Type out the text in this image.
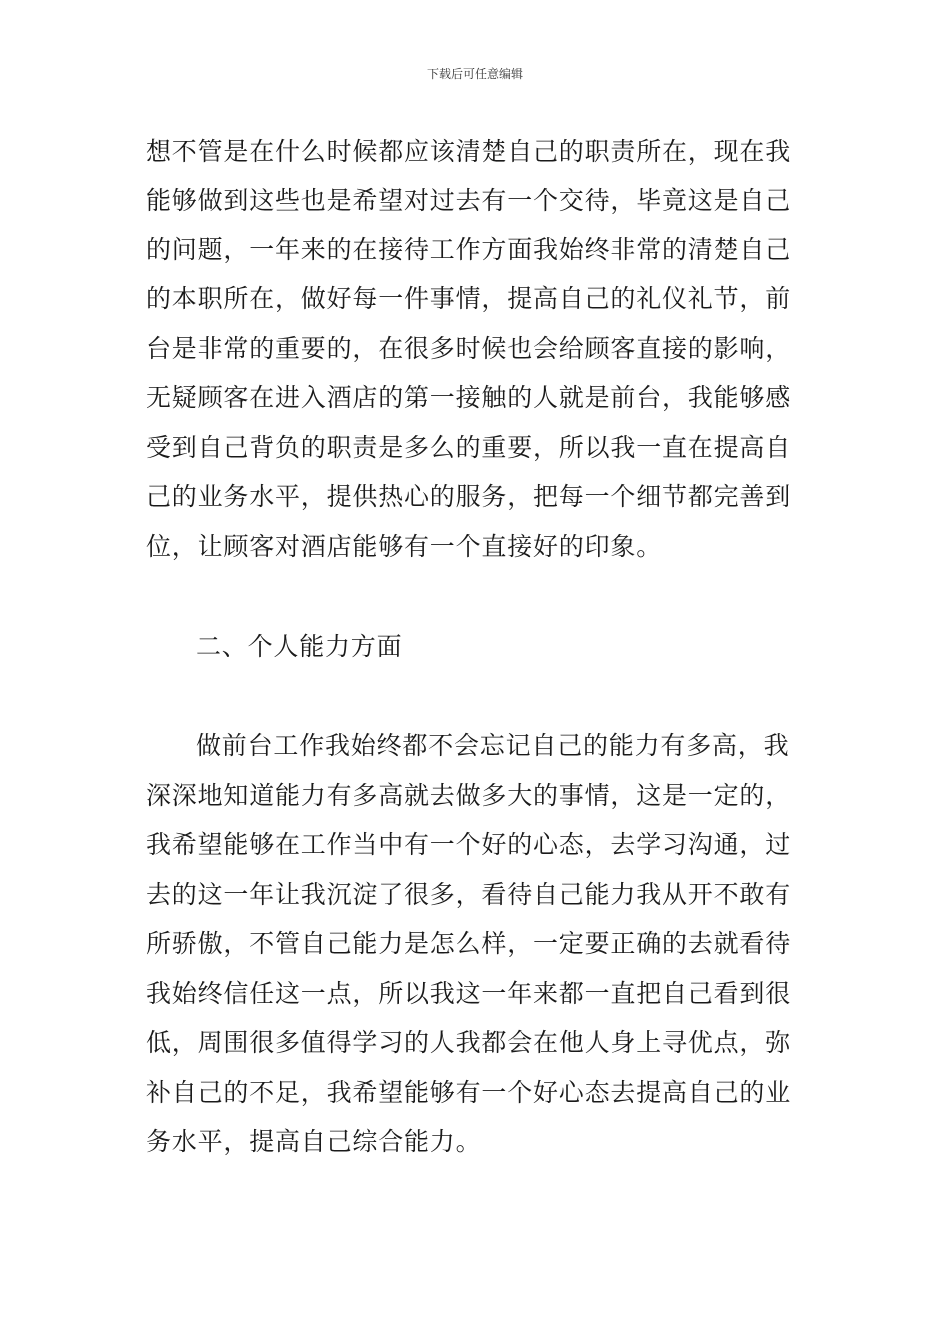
下载后可任意编辑
想不管是在什么时候都应该清楚自己的职责所在，现在我
能够做到这些也是希望对过去有一个交待，毕竟这是自己
的问题，一年来的在接待工作方面我始终非常的清楚自己
的本职所在，做好每一件事情，提高自己的礼仪礼节，前
台是非常的重要的，在很多时候也会给顾客直接的影响，
无疑顾客在进入酒店的第一接触的人就是前台，我能够感
受到自己背负的职责是多么的重要，所以我一直在提高自
己的业务水平，提供热心的服务，把每一个细节都完善到
位，让顾客对酒店能够有一个直接好的印象。
二、个人能力方面
做前台工作我始终都不会忘记自己的能力有多高，我
深深地知道能力有多高就去做多大的事情，这是一定的，
我希望能够在工作当中有一个好的心态，去学习沟通，过
去的这一年让我沉淀了很多，看待自己能力我从开不敢有
所骄傲，不管自己能力是怎么样，一定要正确的去就看待
我始终信任这一点，所以我这一年来都一直把自己看到很
低，周围很多值得学习的人我都会在他人身上寻优点，弥
补自己的不足，我希望能够有一个好心态去提高自己的业
务水平，提高自己综合能力。
